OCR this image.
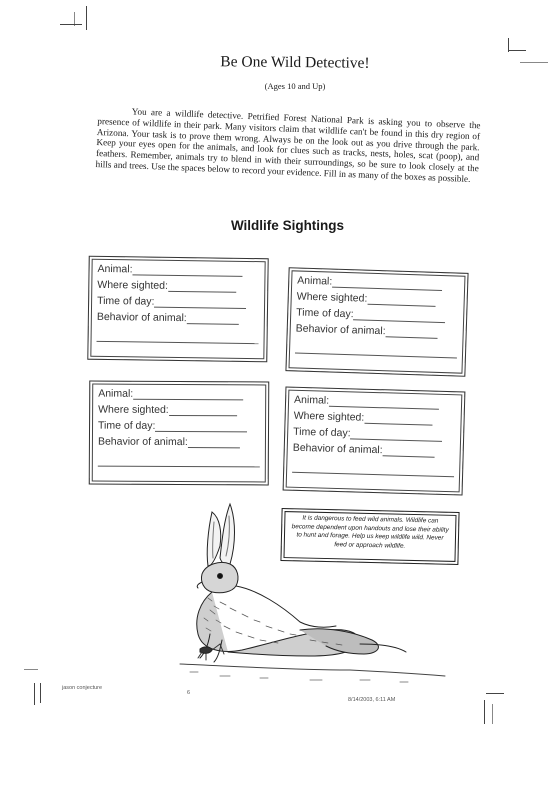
Be One Wild Detective!
(Ages 10 and Up)
You are a wildlife detective. Petrified Forest National Park is asking you to observe the presence of wildlife in their park. Many visitors claim that wildlife can't be found in this dry region of Arizona. Your task is to prove them wrong. Always be on the look out as you drive through the park. Keep your eyes open for the animals, and look for clues such as tracks, nests, holes, scat (poop), and feathers. Remember, animals try to blend in with their surroundings, so be sure to look closely at the hills and trees. Use the spaces below to record your evidence. Fill in as many of the boxes as possible.
Wildlife Sightings
Animal:
Where sighted:
Time of day:
Behavior of animal:
Animal:
Where sighted:
Time of day:
Behavior of animal:
Animal:
Where sighted:
Time of day:
Behavior of animal:
Animal:
Where sighted:
Time of day:
Behavior of animal:
It is dangerous to feed wild animals. Wildlife can become dependent upon handouts and lose their ability to hunt and forage. Help us keep wildlife wild. Never feed or approach wildlife.
jason conjecture
6
8/14/2003, 6:11 AM
